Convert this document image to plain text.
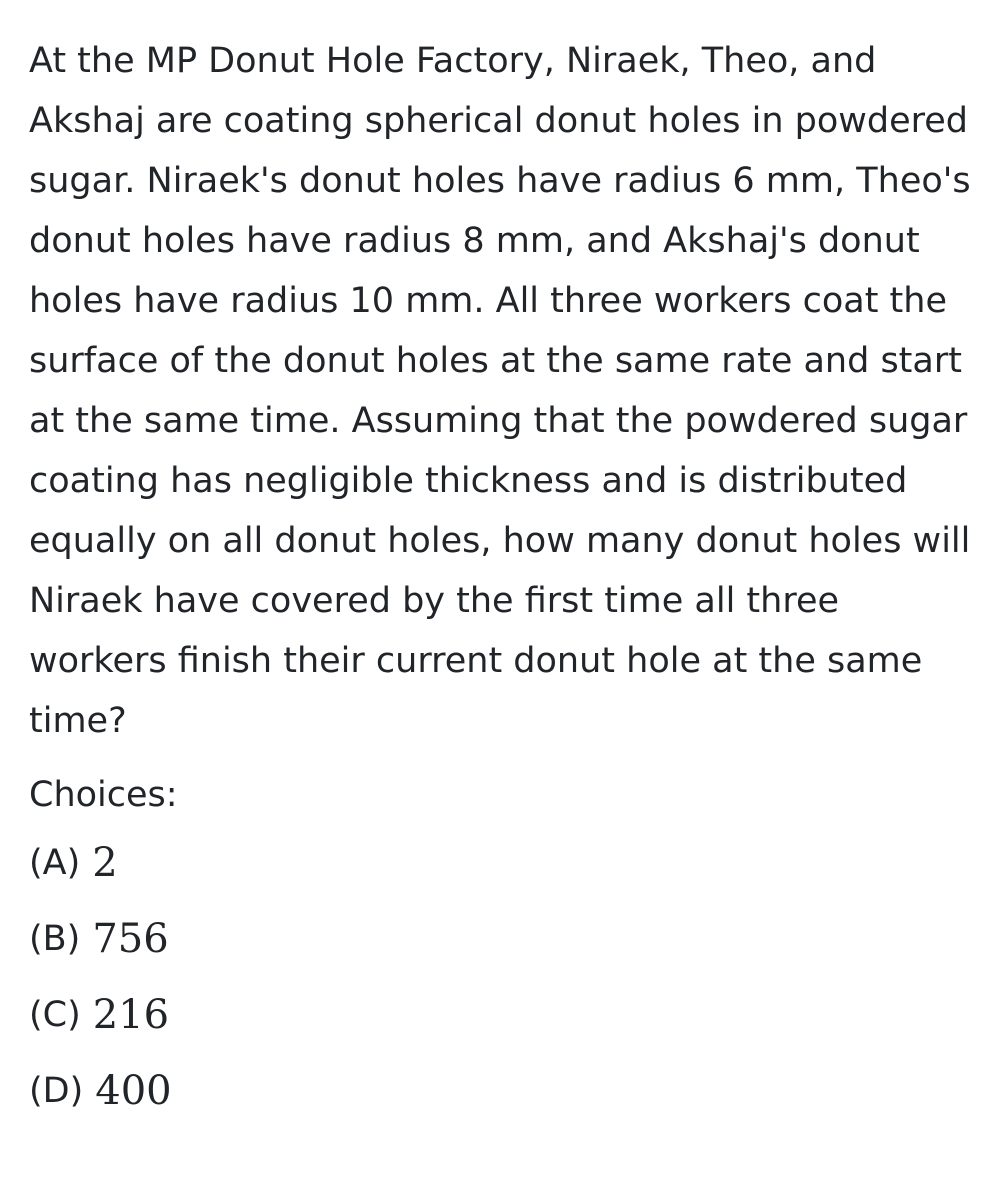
At the MP Donut Hole Factory, Niraek, Theo, and Akshaj are coating spherical donut holes in powdered sugar. Niraek's donut holes have radius 6 mm, Theo's donut holes have radius 8 mm, and Akshaj's donut holes have radius 10 mm. All three workers coat the surface of the donut holes at the same rate and start at the same time. Assuming that the powdered sugar coating has negligible thickness and is distributed equally on all donut holes, how many donut holes will Niraek have covered by the first time all three workers finish their current donut hole at the same time?

Choices:

(A) 2
(B) 756
(C) 216
(D) 400
